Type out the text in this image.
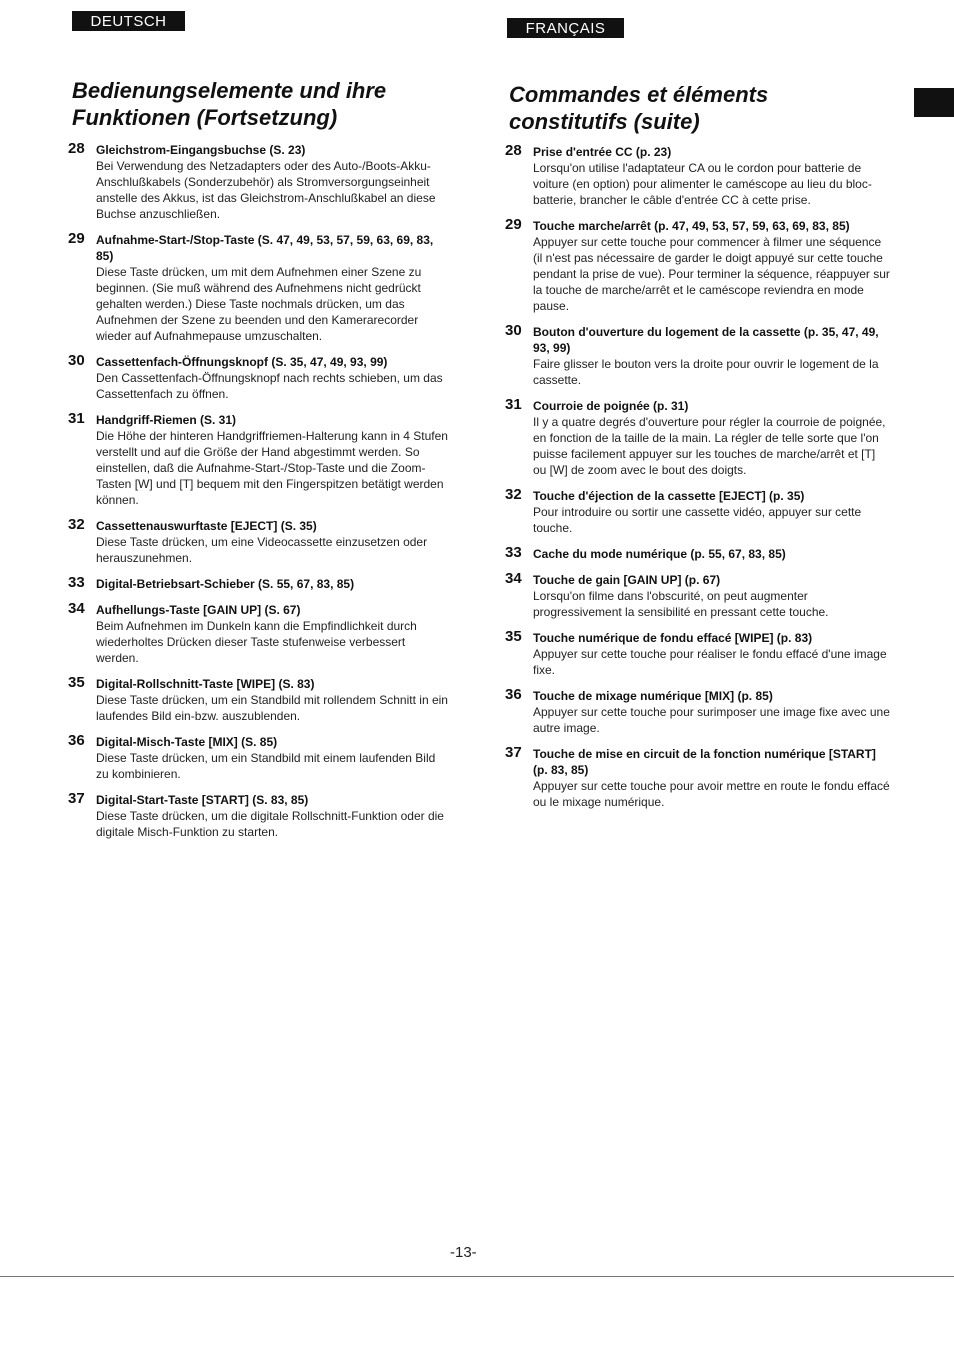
DEUTSCH	FRANÇAIS
Bedienungselemente und ihre Funktionen (Fortsetzung)
Commandes et éléments constitutifs (suite)
28 Gleichstrom-Eingangsbuchse (S. 23)
Bei Verwendung des Netzadapters oder des Auto-/Boots-Akku-Anschlußkabels (Sonderzubehör) als Stromversorgungseinheit anstelle des Akkus, ist das Gleichstrom-Anschlußkabel an diese Buchse anzuschließen.
29 Aufnahme-Start-/Stop-Taste (S. 47, 49, 53, 57, 59, 63, 69, 83, 85)
Diese Taste drücken, um mit dem Aufnehmen einer Szene zu beginnen. (Sie muß während des Aufnehmens nicht gedrückt gehalten werden.) Diese Taste nochmals drücken, um das Aufnehmen der Szene zu beenden und den Kamerarecorder wieder auf Aufnahmepause umzuschalten.
30 Cassettenfach-Öffnungsknopf (S. 35, 47, 49, 93, 99)
Den Cassettenfach-Öffnungsknopf nach rechts schieben, um das Cassettenfach zu öffnen.
31 Handgriff-Riemen (S. 31)
Die Höhe der hinteren Handgriffriemen-Halterung kann in 4 Stufen verstellt und auf die Größe der Hand abgestimmt werden. So einstellen, daß die Aufnahme-Start-/Stop-Taste und die Zoom-Tasten [W] und [T] bequem mit den Fingerspitzen betätigt werden können.
32 Cassettenauswurftaste [EJECT] (S. 35)
Diese Taste drücken, um eine Videocassette einzusetzen oder herauszunehmen.
33 Digital-Betriebsart-Schieber (S. 55, 67, 83, 85)
34 Aufhellungs-Taste [GAIN UP] (S. 67)
Beim Aufnehmen im Dunkeln kann die Empfindlichkeit durch wiederholtes Drücken dieser Taste stufenweise verbessert werden.
35 Digital-Rollschnitt-Taste [WIPE] (S. 83)
Diese Taste drücken, um ein Standbild mit rollendem Schnitt in ein laufendes Bild ein-bzw. auszublenden.
36 Digital-Misch-Taste [MIX] (S. 85)
Diese Taste drücken, um ein Standbild mit einem laufenden Bild zu kombinieren.
37 Digital-Start-Taste [START] (S. 83, 85)
Diese Taste drücken, um die digitale Rollschnitt-Funktion oder die digitale Misch-Funktion zu starten.
28 Prise d'entrée CC (p. 23)
Lorsqu'on utilise l'adaptateur CA ou le cordon pour batterie de voiture (en option) pour alimenter le caméscope au lieu du bloc-batterie, brancher le câble d'entrée CC à cette prise.
29 Touche marche/arrêt (p. 47, 49, 53, 57, 59, 63, 69, 83, 85)
Appuyer sur cette touche pour commencer à filmer une séquence (il n'est pas nécessaire de garder le doigt appuyé sur cette touche pendant la prise de vue). Pour terminer la séquence, réappuyer sur la touche de marche/arrêt et le caméscope reviendra en mode pause.
30 Bouton d'ouverture du logement de la cassette (p. 35, 47, 49, 93, 99)
Faire glisser le bouton vers la droite pour ouvrir le logement de la cassette.
31 Courroie de poignée (p. 31)
Il y a quatre degrés d'ouverture pour régler la courroie de poignée, en fonction de la taille de la main. La régler de telle sorte que l'on puisse facilement appuyer sur les touches de marche/arrêt et [T] ou [W] de zoom avec le bout des doigts.
32 Touche d'éjection de la cassette [EJECT] (p. 35)
Pour introduire ou sortir une cassette vidéo, appuyer sur cette touche.
33 Cache du mode numérique (p. 55, 67, 83, 85)
34 Touche de gain [GAIN UP] (p. 67)
Lorsqu'on filme dans l'obscurité, on peut augmenter progressivement la sensibilité en pressant cette touche.
35 Touche numérique de fondu effacé [WIPE] (p. 83)
Appuyer sur cette touche pour réaliser le fondu effacé d'une image fixe.
36 Touche de mixage numérique [MIX] (p. 85)
Appuyer sur cette touche pour surimposer une image fixe avec une autre image.
37 Touche de mise en circuit de la fonction numérique [START] (p. 83, 85)
Appuyer sur cette touche pour avoir mettre en route le fondu effacé ou le mixage numérique.
-13-
